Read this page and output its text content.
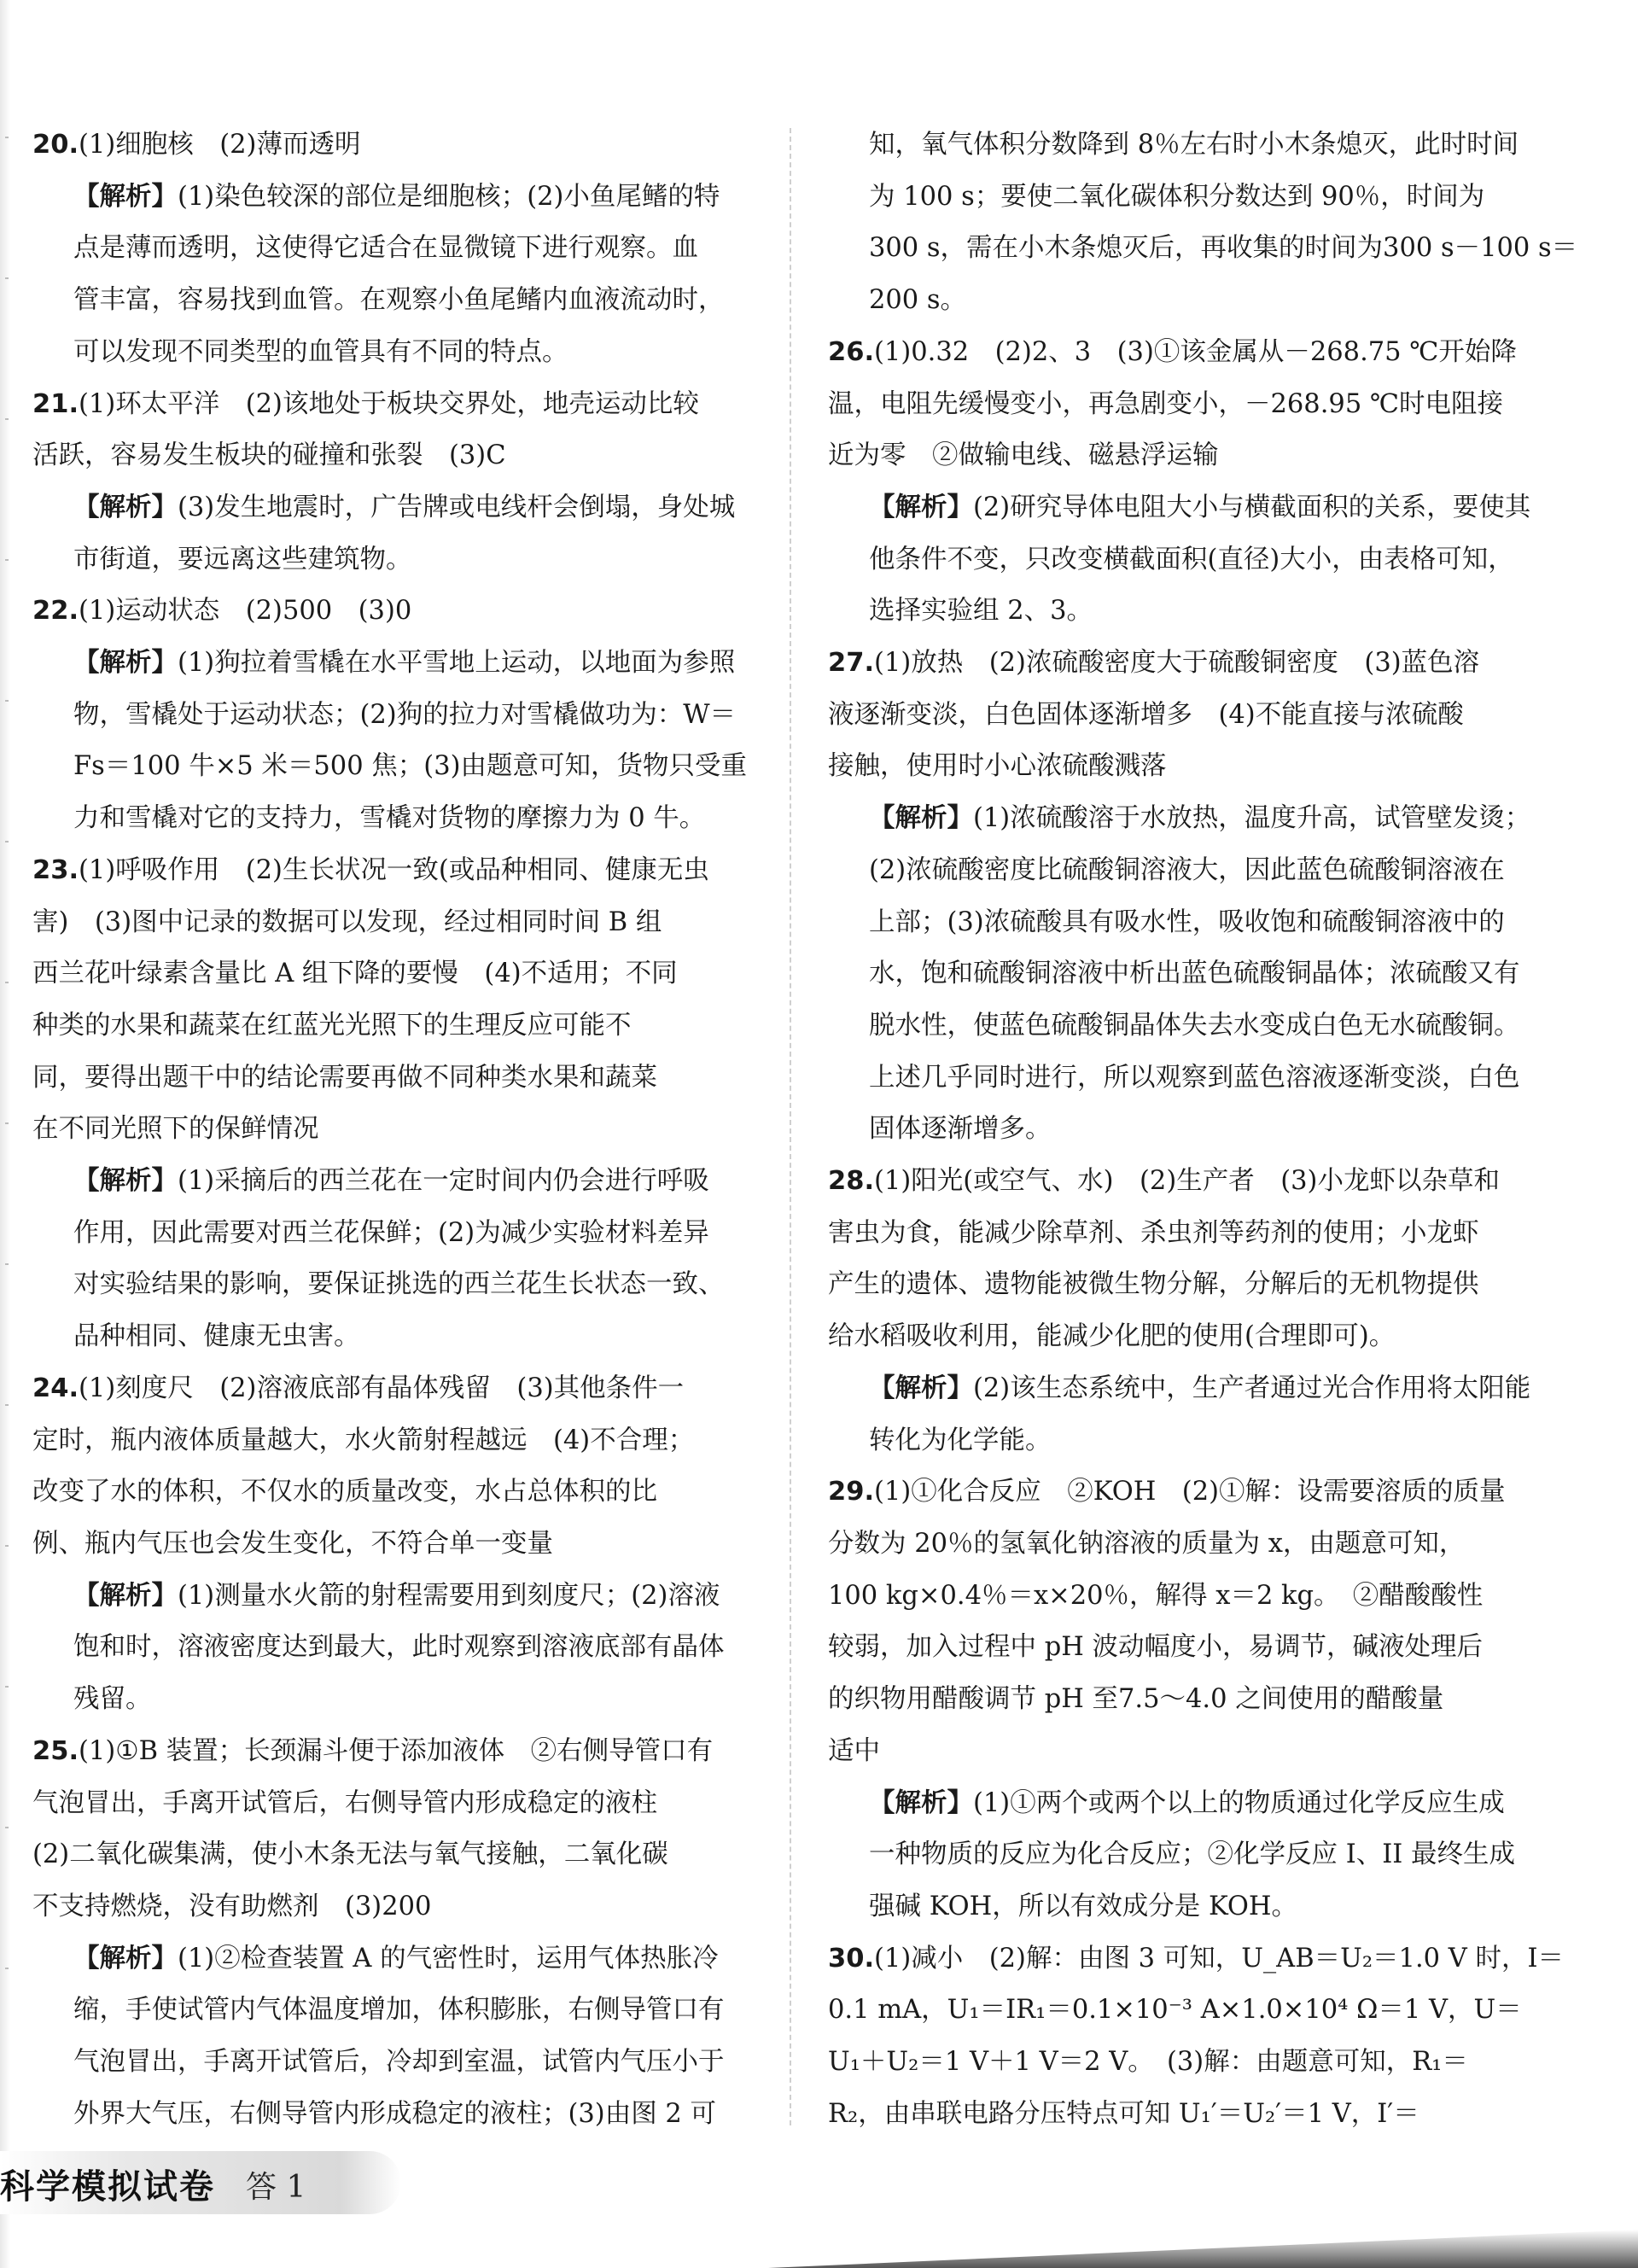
20.(1)细胞核　(2)薄而透明
【解析】(1)染色较深的部位是细胞核；(2)小鱼尾鳍的特
点是薄而透明，这使得它适合在显微镜下进行观察。血
管丰富，容易找到血管。在观察小鱼尾鳍内血液流动时，
可以发现不同类型的血管具有不同的特点。
21.(1)环太平洋　(2)该地处于板块交界处，地壳运动比较
活跃，容易发生板块的碰撞和张裂　(3)C
【解析】(3)发生地震时，广告牌或电线杆会倒塌，身处城
市街道，要远离这些建筑物。
22.(1)运动状态　(2)500　(3)0
【解析】(1)狗拉着雪橇在水平雪地上运动，以地面为参照
物，雪橇处于运动状态；(2)狗的拉力对雪橇做功为：W＝
Fs＝100 牛×5 米＝500 焦；(3)由题意可知，货物只受重
力和雪橇对它的支持力，雪橇对货物的摩擦力为 0 牛。
23.(1)呼吸作用　(2)生长状况一致(或品种相同、健康无虫
害)　(3)图中记录的数据可以发现，经过相同时间 B 组
西兰花叶绿素含量比 A 组下降的要慢　(4)不适用；不同
种类的水果和蔬菜在红蓝光光照下的生理反应可能不
同，要得出题干中的结论需要再做不同种类水果和蔬菜
在不同光照下的保鲜情况
【解析】(1)采摘后的西兰花在一定时间内仍会进行呼吸
作用，因此需要对西兰花保鲜；(2)为减少实验材料差异
对实验结果的影响，要保证挑选的西兰花生长状态一致、
品种相同、健康无虫害。
24.(1)刻度尺　(2)溶液底部有晶体残留　(3)其他条件一
定时，瓶内液体质量越大，水火箭射程越远　(4)不合理；
改变了水的体积，不仅水的质量改变，水占总体积的比
例、瓶内气压也会发生变化，不符合单一变量
【解析】(1)测量水火箭的射程需要用到刻度尺；(2)溶液
饱和时，溶液密度达到最大，此时观察到溶液底部有晶体
残留。
25.(1)①B 装置；长颈漏斗便于添加液体　②右侧导管口有
气泡冒出，手离开试管后，右侧导管内形成稳定的液柱
(2)二氧化碳集满，使小木条无法与氧气接触，二氧化碳
不支持燃烧，没有助燃剂　(3)200
【解析】(1)②检查装置 A 的气密性时，运用气体热胀冷
缩，手使试管内气体温度增加，体积膨胀，右侧导管口有
气泡冒出，手离开试管后，冷却到室温，试管内气压小于
外界大气压，右侧导管内形成稳定的液柱；(3)由图 2 可
知，氧气体积分数降到 8％左右时小木条熄灭，此时时间
为 100 s；要使二氧化碳体积分数达到 90％，时间为
300 s，需在小木条熄灭后，再收集的时间为300 s－100 s＝
200 s。
26.(1)0.32　(2)2、3　(3)①该金属从－268.75 ℃开始降
温，电阻先缓慢变小，再急剧变小，－268.95 ℃时电阻接
近为零　②做输电线、磁悬浮运输
【解析】(2)研究导体电阻大小与横截面积的关系，要使其
他条件不变，只改变横截面积(直径)大小，由表格可知，
选择实验组 2、3。
27.(1)放热　(2)浓硫酸密度大于硫酸铜密度　(3)蓝色溶
液逐渐变淡，白色固体逐渐增多　(4)不能直接与浓硫酸
接触，使用时小心浓硫酸溅落
【解析】(1)浓硫酸溶于水放热，温度升高，试管壁发烫；
(2)浓硫酸密度比硫酸铜溶液大，因此蓝色硫酸铜溶液在
上部；(3)浓硫酸具有吸水性，吸收饱和硫酸铜溶液中的
水，饱和硫酸铜溶液中析出蓝色硫酸铜晶体；浓硫酸又有
脱水性，使蓝色硫酸铜晶体失去水变成白色无水硫酸铜。
上述几乎同时进行，所以观察到蓝色溶液逐渐变淡，白色
固体逐渐增多。
28.(1)阳光(或空气、水)　(2)生产者　(3)小龙虾以杂草和
害虫为食，能减少除草剂、杀虫剂等药剂的使用；小龙虾
产生的遗体、遗物能被微生物分解，分解后的无机物提供
给水稻吸收利用，能减少化肥的使用(合理即可)。
【解析】(2)该生态系统中，生产者通过光合作用将太阳能
转化为化学能。
29.(1)①化合反应　②KOH　(2)①解：设需要溶质的质量
分数为 20％的氢氧化钠溶液的质量为 x，由题意可知，
100 kg×0.4％＝x×20％，解得 x＝2 kg。　②醋酸酸性
较弱，加入过程中 pH 波动幅度小，易调节，碱液处理后
的织物用醋酸调节 pH 至7.5～4.0 之间使用的醋酸量
适中
【解析】(1)①两个或两个以上的物质通过化学反应生成
一种物质的反应为化合反应；②化学反应 I、II 最终生成
强碱 KOH，所以有效成分是 KOH。
30.(1)减小　(2)解：由图 3 可知，U_AB＝U₂＝1.0 V 时，I＝
0.1 mA，U₁＝IR₁＝0.1×10⁻³ A×1.0×10⁴ Ω＝1 V，U＝
U₁＋U₂＝1 V＋1 V＝2 V。　(3)解：由题意可知，R₁＝
R₂，由串联电路分压特点可知 U₁′＝U₂′＝1 V，I′＝
科学模拟试卷 答 1
